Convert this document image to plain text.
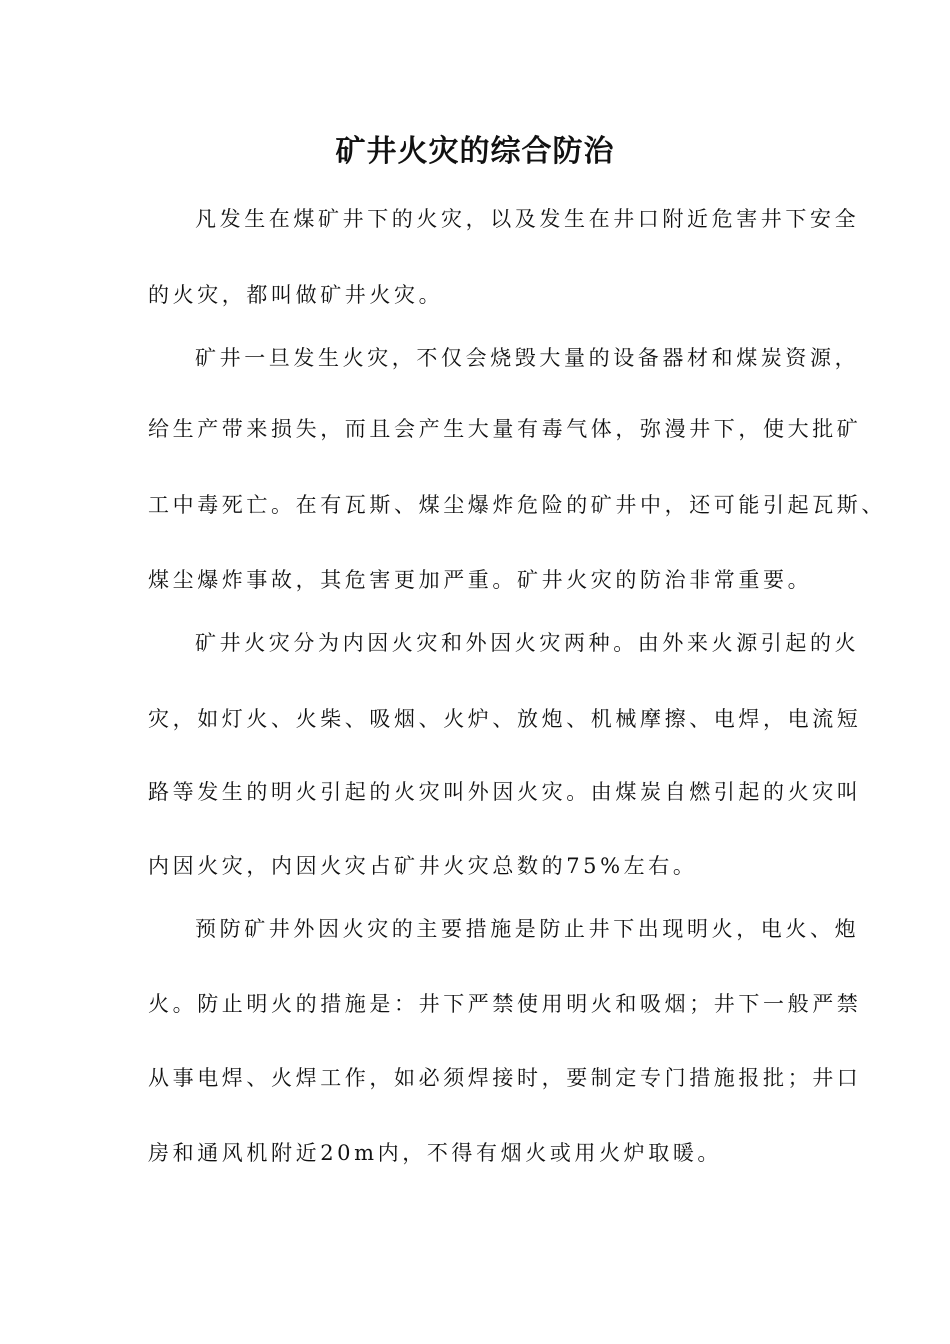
矿井火灾的综合防治

凡发生在煤矿井下的火灾，以及发生在井口附近危害井下安全

的火灾，都叫做矿井火灾。

矿井一旦发生火灾，不仅会烧毁大量的设备器材和煤炭资源，

给生产带来损失，而且会产生大量有毒气体，弥漫井下，使大批矿

工中毒死亡。在有瓦斯、煤尘爆炸危险的矿井中，还可能引起瓦斯、

煤尘爆炸事故，其危害更加严重。矿井火灾的防治非常重要。

矿井火灾分为内因火灾和外因火灾两种。由外来火源引起的火

灾，如灯火、火柴、吸烟、火炉、放炮、机械摩擦、电焊，电流短

路等发生的明火引起的火灾叫外因火灾。由煤炭自燃引起的火灾叫

内因火灾，内因火灾占矿井火灾总数的75%左右。

预防矿井外因火灾的主要措施是防止井下出现明火，电火、炮

火。防止明火的措施是：井下严禁使用明火和吸烟；井下一般严禁

从事电焊、火焊工作，如必须焊接时，要制定专门措施报批；井口

房和通风机附近20m内，不得有烟火或用火炉取暖。
